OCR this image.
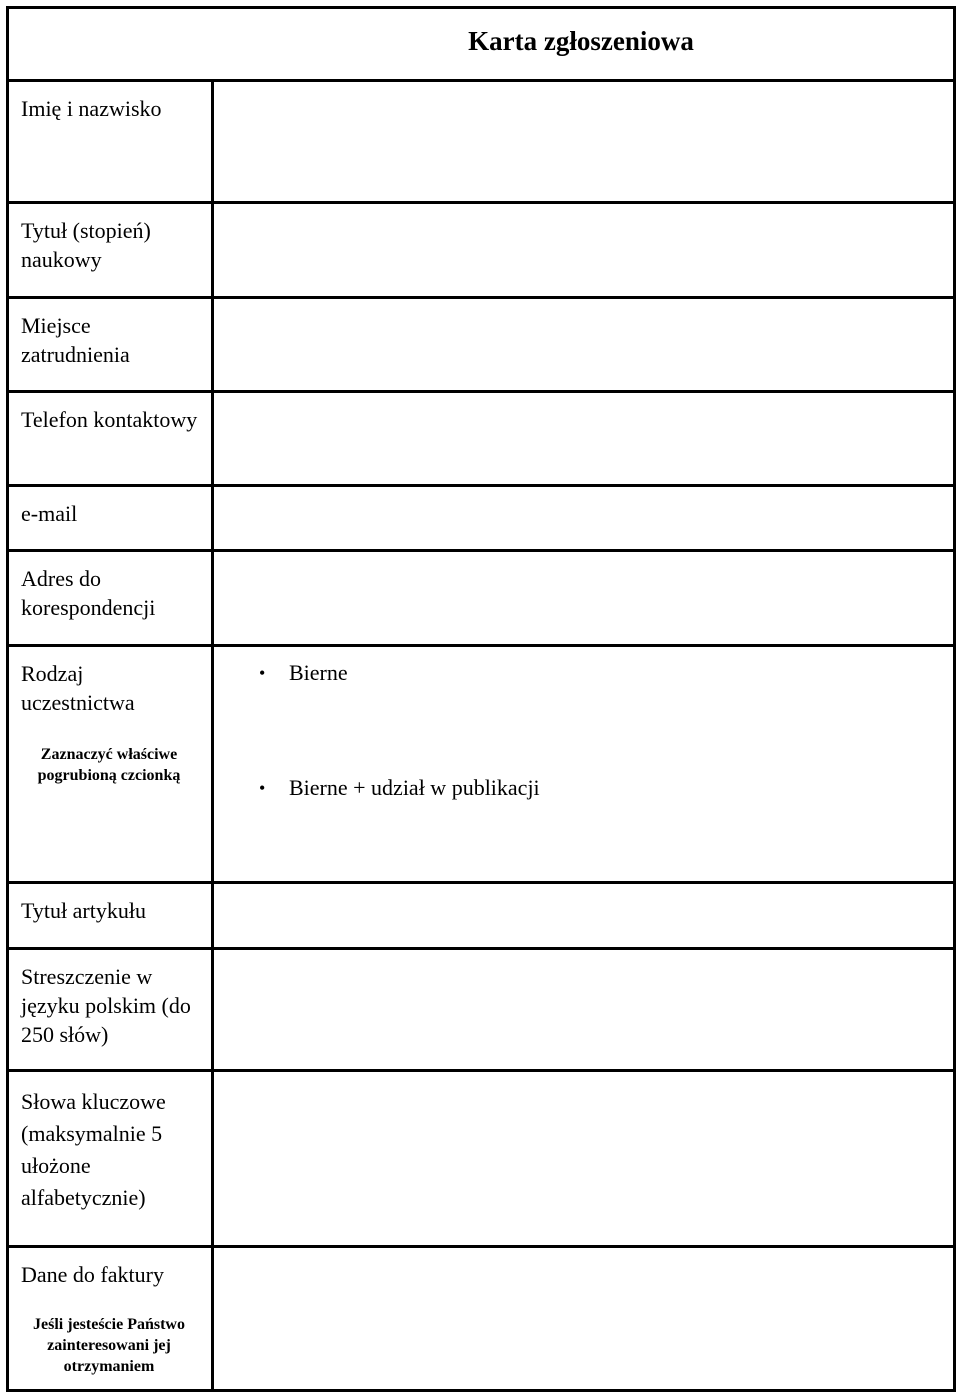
Karta zgłoszeniowa
Imię i nazwisko
Tytuł (stopień) naukowy
Miejsce zatrudnienia
Telefon kontaktowy
e-mail
Adres do korespondencji
Rodzaj uczestnictwa
Zaznaczyć właściwe pogrubioną czcionką
•	Bierne
•	Bierne + udział w publikacji
Tytuł artykułu
Streszczenie w języku polskim (do 250 słów)
Słowa kluczowe (maksymalnie 5 ułożone alfabetycznie)
Dane do faktury
Jeśli jesteście Państwo zainteresowani jej otrzymaniem
